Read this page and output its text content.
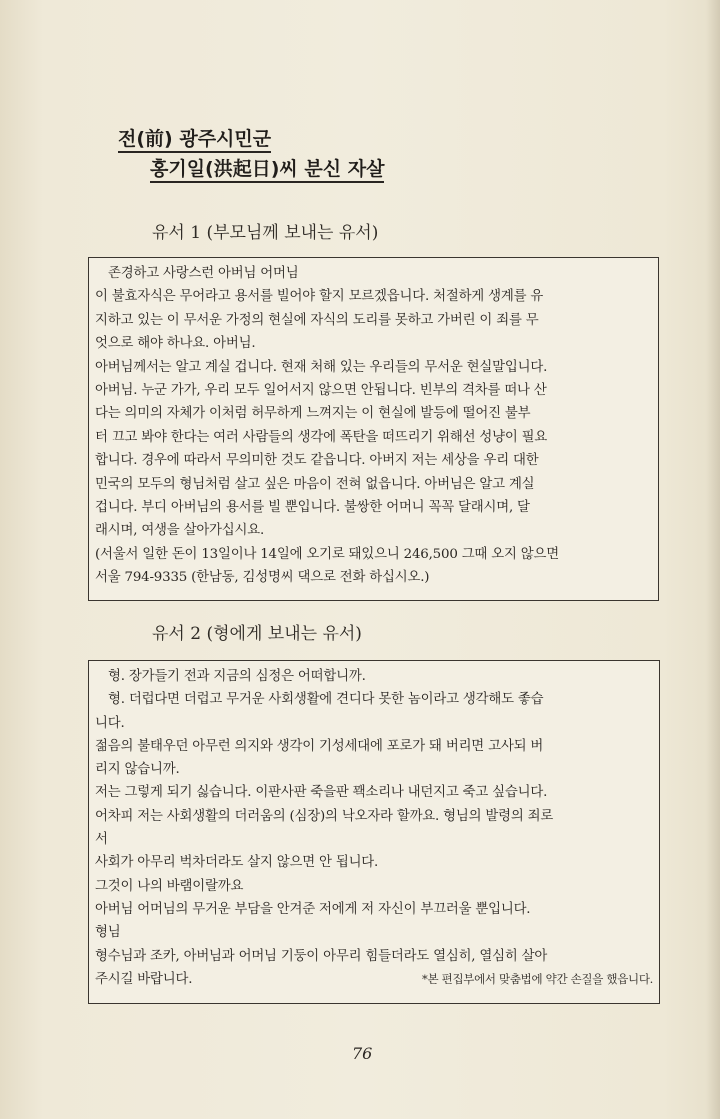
전(前) 광주시민군
홍기일(洪起日)씨 분신 자살
유서 1 (부모님께 보내는 유서)
존경하고 사랑스런 아버님 어머님
이 불효자식은 무어라고 용서를 빌어야 할지 모르겠읍니다. 처절하게 생계를 유
지하고 있는 이 무서운 가정의 현실에 자식의 도리를 못하고 가버린 이 죄를 무
엇으로 해야 하나요. 아버님.
아버님께서는 알고 계실 겁니다. 현재 처해 있는 우리들의 무서운 현실말입니다.
아버님. 누군 가가, 우리 모두 일어서지 않으면 안됩니다. 빈부의 격차를 떠나 산
다는 의미의 자체가 이처럼 허무하게 느껴지는 이 현실에 발등에 떨어진 불부
터 끄고 봐야 한다는 여러 사람들의 생각에 폭탄을 떠뜨리기 위해선 성냥이 필요
합니다. 경우에 따라서 무의미한 것도 같읍니다. 아버지 저는 세상을 우리 대한
민국의 모두의 형님처럼 살고 싶은 마음이 전혀 없읍니다. 아버님은 알고 계실
겁니다. 부디 아버님의 용서를 빌 뿐입니다. 불쌍한 어머니 꼭꼭 달래시며, 달
래시며, 여생을 살아가십시요.
(서울서 일한 돈이 13일이나 14일에 오기로 돼있으니 246,500 그때 오지 않으면
서울 794-9335 (한남동, 김성명씨 댁으로 전화 하십시오.)
유서 2 (형에게 보내는 유서)
형. 장가들기 전과 지금의 심정은 어떠합니까.
형. 더럽다면 더럽고 무거운 사회생활에 견디다 못한 놈이라고 생각해도 좋습
니다.
젊음의 불태우던 아무런 의지와 생각이 기성세대에 포로가 돼 버리면 고사되 버
리지 않습니까.
저는 그렇게 되기 싫습니다. 이판사판 죽을판 꽥소리나 내던지고 죽고 싶습니다.
어차피 저는 사회생활의 더러움의 (심장)의 낙오자라 할까요. 형님의 발령의 죄로
서
사회가 아무리 벅차더라도 살지 않으면 안 됩니다.
그것이 나의 바램이랄까요
아버님 어머님의 무거운 부담을 안겨준 저에게 저 자신이 부끄러울 뿐입니다.
형님
형수님과 조카, 아버님과 어머님 기둥이 아무리 힘들더라도 열심히, 열심히 살아
주시길 바랍니다.	*본 편집부에서 맞춤법에 약간 손질을 했읍니다.
76
